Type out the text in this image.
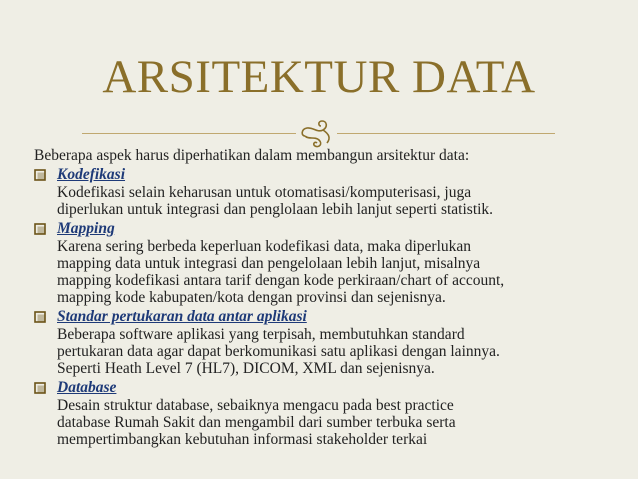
ARSITEKTUR DATA

Beberapa aspek harus diperhatikan dalam membangun arsitektur data:

Kodefikasi

Kodefikasi selain keharusan untuk otomatisasi/komputerisasi, juga

diperlukan untuk integrasi dan penglolaan lebih lanjut seperti statistik.

Mapping

Karena sering berbeda keperluan kodefikasi data, maka diperlukan

mapping data untuk integrasi dan pengelolaan lebih lanjut, misalnya

mapping kodefikasi antara tarif dengan kode perkiraan/chart of account,

mapping kode kabupaten/kota dengan provinsi dan sejenisnya.

Standar pertukaran data antar aplikasi

Beberapa software aplikasi yang terpisah, membutuhkan standard

pertukaran data agar dapat berkomunikasi satu aplikasi dengan lainnya.

Seperti Heath Level 7 (HL7), DICOM, XML dan sejenisnya.

Database

Desain struktur database, sebaiknya mengacu pada best practice

database Rumah Sakit dan mengambil dari sumber terbuka serta

mempertimbangkan kebutuhan informasi stakeholder terkai
